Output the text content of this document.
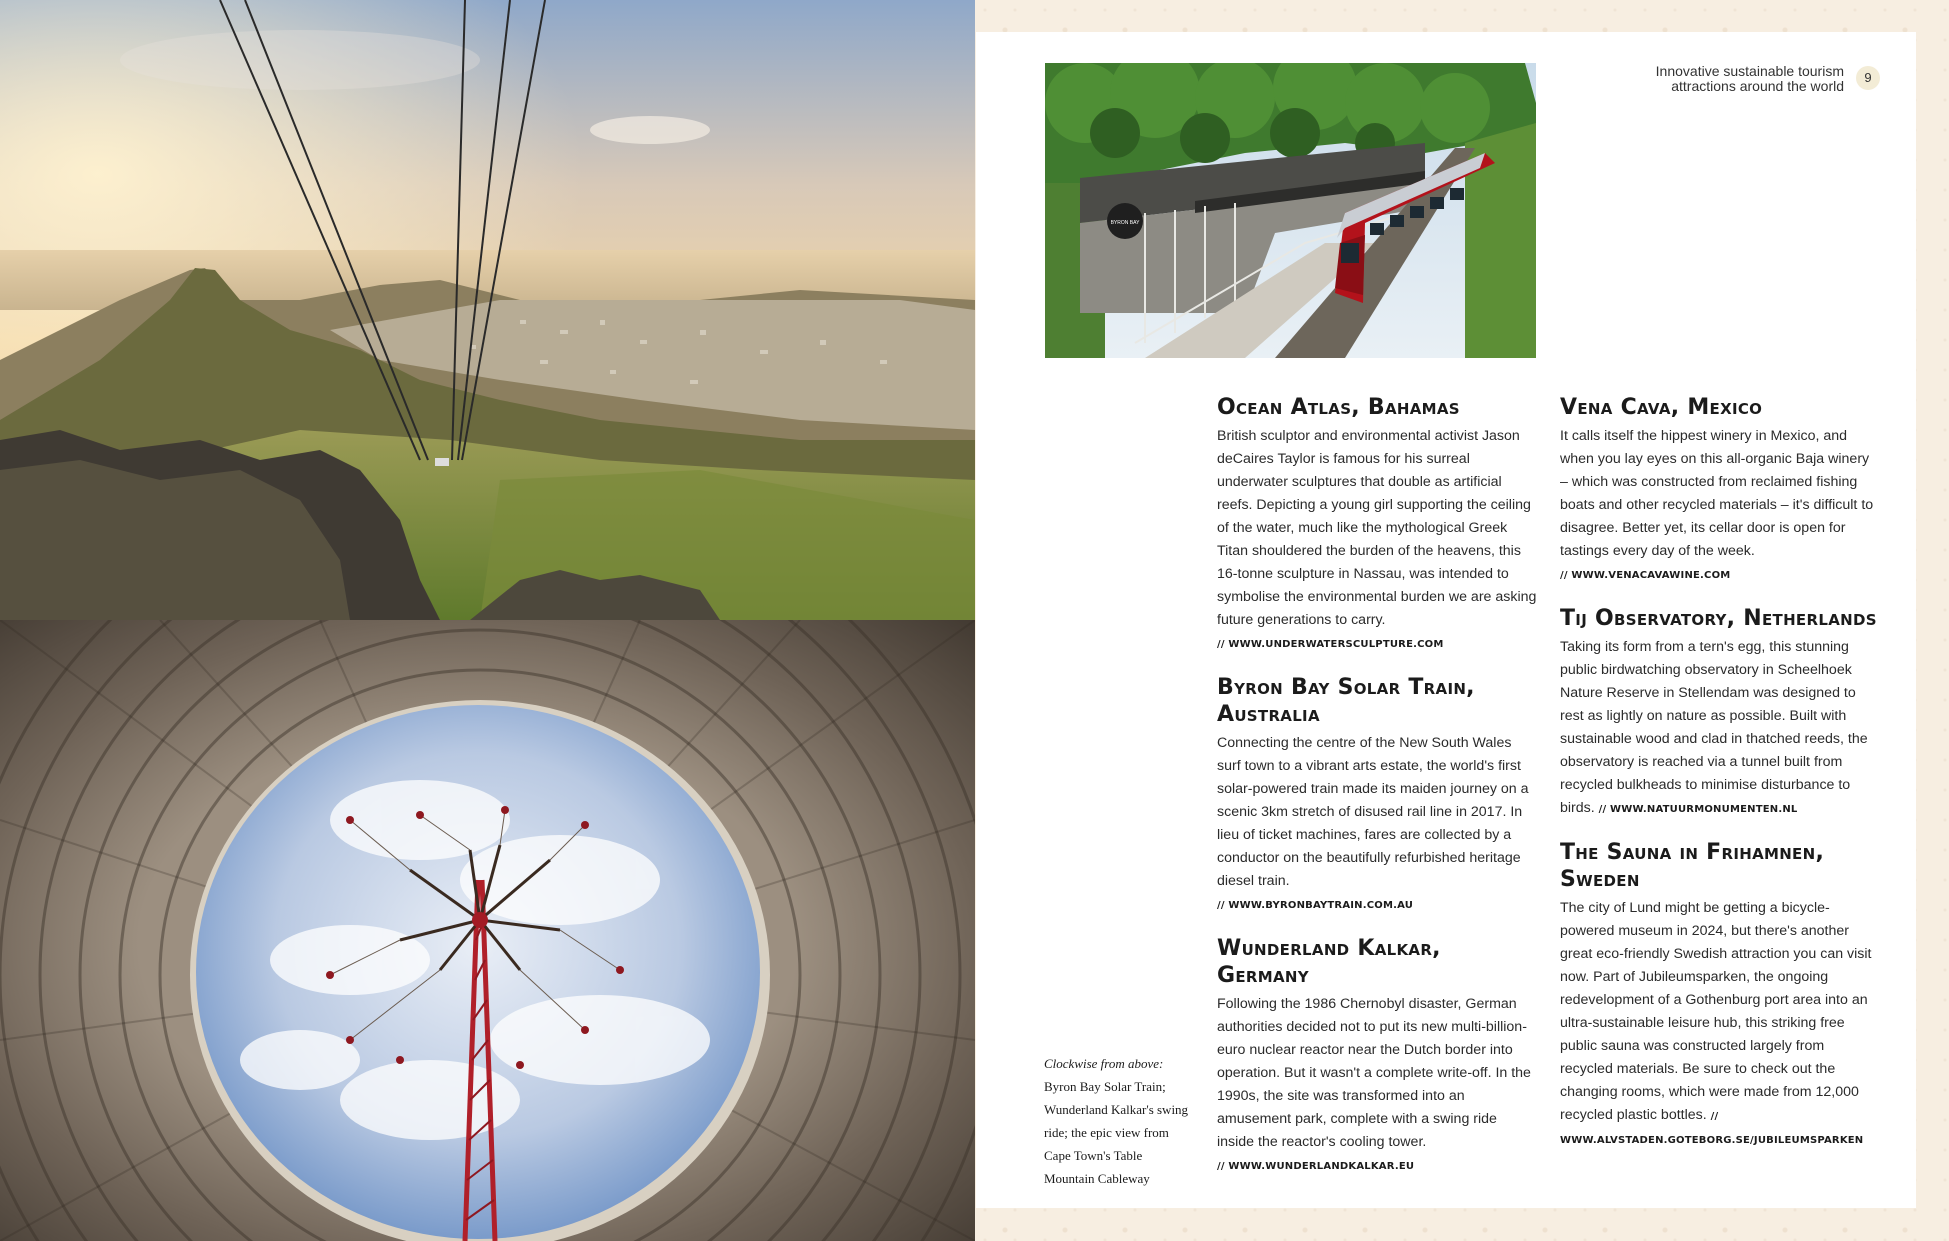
BYRON BAY
Innovative sustainable tourism
attractions around the world
9
Ocean Atlas, Bahamas

British sculptor and environmental activist Jason deCaires Taylor is famous for his surreal underwater sculptures that double as artificial reefs. Depicting a young girl supporting the ceiling of the water, much like the mythological Greek Titan shouldered the burden of the heavens, this 16-tonne sculpture in Nassau, was intended to symbolise the environmental burden we are asking future generations to carry. // WWW.UNDERWATERSCULPTURE.COM

Byron Bay Solar Train, Australia

Connecting the centre of the New South Wales surf town to a vibrant arts estate, the world's first solar-powered train made its maiden journey on a scenic 3km stretch of disused rail line in 2017. In lieu of ticket machines, fares are collected by a conductor on the beautifully refurbished heritage diesel train.
// WWW.BYRONBAYTRAIN.COM.AU

Wunderland Kalkar, Germany

Following the 1986 Chernobyl disaster, German authorities decided not to put its new multi-billion-euro nuclear reactor near the Dutch border into operation. But it wasn't a complete write-off. In the 1990s, the site was transformed into an amusement park, complete with a swing ride inside the reactor's cooling tower.
// WWW.WUNDERLANDKALKAR.EU

Vena Cava, Mexico

It calls itself the hippest winery in Mexico, and when you lay eyes on this all-organic Baja winery – which was constructed from reclaimed fishing boats and other recycled materials – it's difficult to disagree. Better yet, its cellar door is open for tastings every day of the week.
// WWW.VENACAVAWINE.COM

Tij Observatory, Netherlands

Taking its form from a tern's egg, this stunning public birdwatching observatory in Scheelhoek Nature Reserve in Stellendam was designed to rest as lightly on nature as possible. Built with sustainable wood and clad in thatched reeds, the observatory is reached via a tunnel built from recycled bulkheads to minimise disturbance to birds. // WWW.NATUURMONUMENTEN.NL

The Sauna in Frihamnen, Sweden

The city of Lund might be getting a bicycle-powered museum in 2024, but there's another great eco-friendly Swedish attraction you can visit now. Part of Jubileumsparken, the ongoing redevelopment of a Gothenburg port area into an ultra-sustainable leisure hub, this striking free public sauna was constructed largely from recycled materials. Be sure to check out the changing rooms, which were made from 12,000 recycled plastic bottles. // WWW.ALVSTADEN.GOTEBORG.SE/JUBILEUMSPARKEN

Clockwise from above: Byron Bay Solar Train; Wunderland Kalkar's swing ride; the epic view from Cape Town's Table Mountain Cableway
